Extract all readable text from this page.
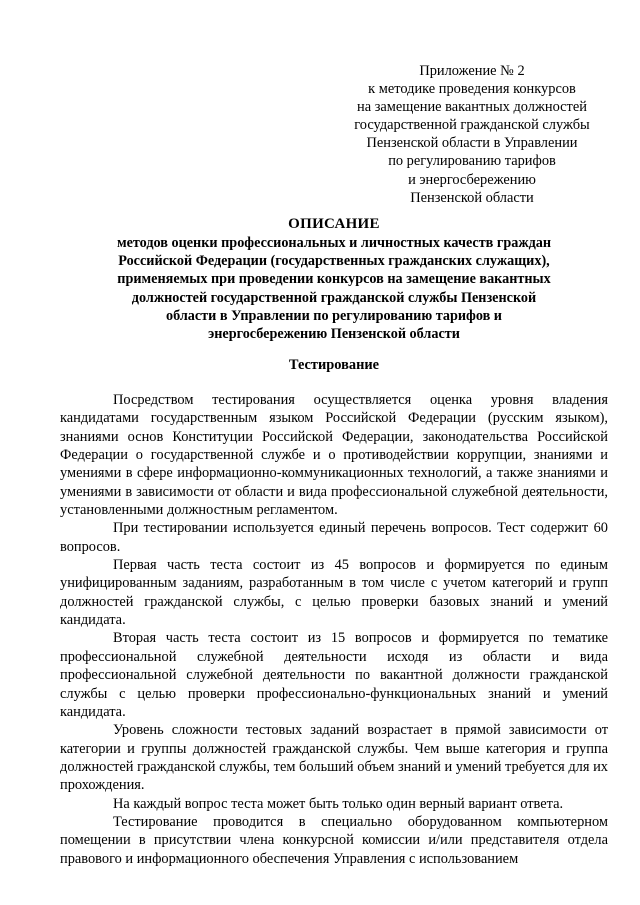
Приложение № 2
к методике проведения конкурсов
на замещение вакантных должностей
государственной гражданской службы
Пензенской области в Управлении
по регулированию тарифов
и энергосбережению
Пензенской области
ОПИСАНИЕ
методов оценки профессиональных и личностных качеств граждан
Российской Федерации (государственных гражданских служащих),
применяемых при проведении конкурсов на замещение вакантных
должностей государственной гражданской службы Пензенской
области в Управлении по регулированию тарифов и
энергосбережению Пензенской области
Тестирование

Посредством тестирования осуществляется оценка уровня владения кандидатами государственным языком Российской Федерации (русским языком), знаниями основ Конституции Российской Федерации, законодательства Российской Федерации о государственной службе и о противодействии коррупции, знаниями и умениями в сфере информационно-коммуникационных технологий, а также знаниями и умениями в зависимости от области и вида профессиональной служебной деятельности, установленными должностным регламентом.

При тестировании используется единый перечень вопросов. Тест содержит 60 вопросов.

Первая часть теста состоит из 45 вопросов и формируется по единым унифицированным заданиям, разработанным в том числе с учетом категорий и групп должностей гражданской службы, с целью проверки базовых знаний и умений кандидата.

Вторая часть теста состоит из 15 вопросов и формируется по тематике профессиональной служебной деятельности исходя из области и вида профессиональной служебной деятельности по вакантной должности гражданской службы с целью проверки профессионально-функциональных знаний и умений кандидата.

Уровень сложности тестовых заданий возрастает в прямой зависимости от категории и группы должностей гражданской службы. Чем выше категория и группа должностей гражданской службы, тем больший объем знаний и умений требуется для их прохождения.

На каждый вопрос теста может быть только один верный вариант ответа.

Тестирование проводится в специально оборудованном компьютерном помещении в присутствии члена конкурсной комиссии и/или представителя отдела правового и информационного обеспечения Управления с использованием
